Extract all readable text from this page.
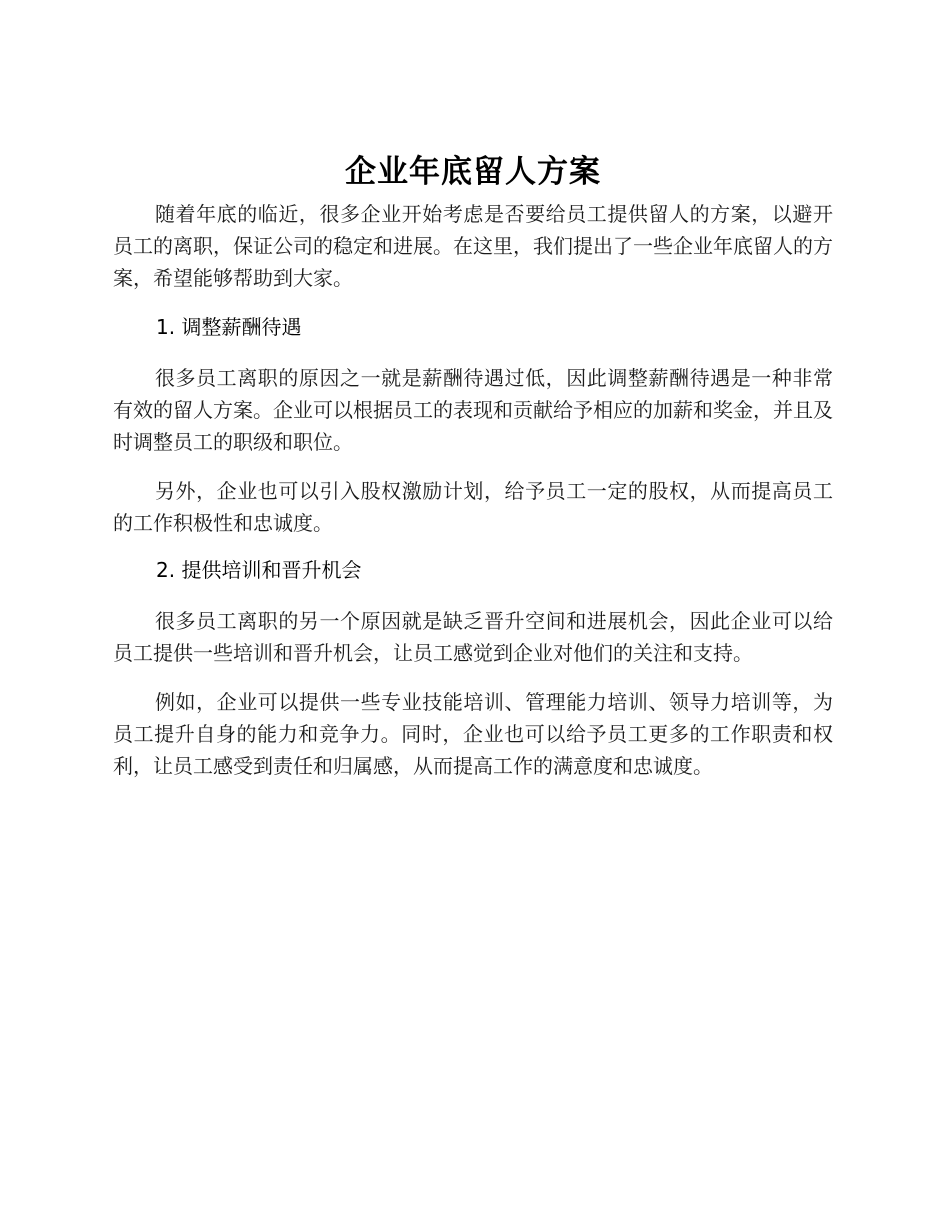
企业年底留人方案

随着年底的临近，很多企业开始考虑是否要给员工提供留人的方案，以避开员工的离职，保证公司的稳定和进展。在这里，我们提出了一些企业年底留人的方案，希望能够帮助到大家。

1. 调整薪酬待遇

很多员工离职的原因之一就是薪酬待遇过低，因此调整薪酬待遇是一种非常有效的留人方案。企业可以根据员工的表现和贡献给予相应的加薪和奖金，并且及时调整员工的职级和职位。

另外，企业也可以引入股权激励计划，给予员工一定的股权，从而提高员工的工作积极性和忠诚度。

2. 提供培训和晋升机会

很多员工离职的另一个原因就是缺乏晋升空间和进展机会，因此企业可以给员工提供一些培训和晋升机会，让员工感觉到企业对他们的关注和支持。

例如，企业可以提供一些专业技能培训、管理能力培训、领导力培训等，为员工提升自身的能力和竞争力。同时，企业也可以给予员工更多的工作职责和权利，让员工感受到责任和归属感，从而提高工作的满意度和忠诚度。
